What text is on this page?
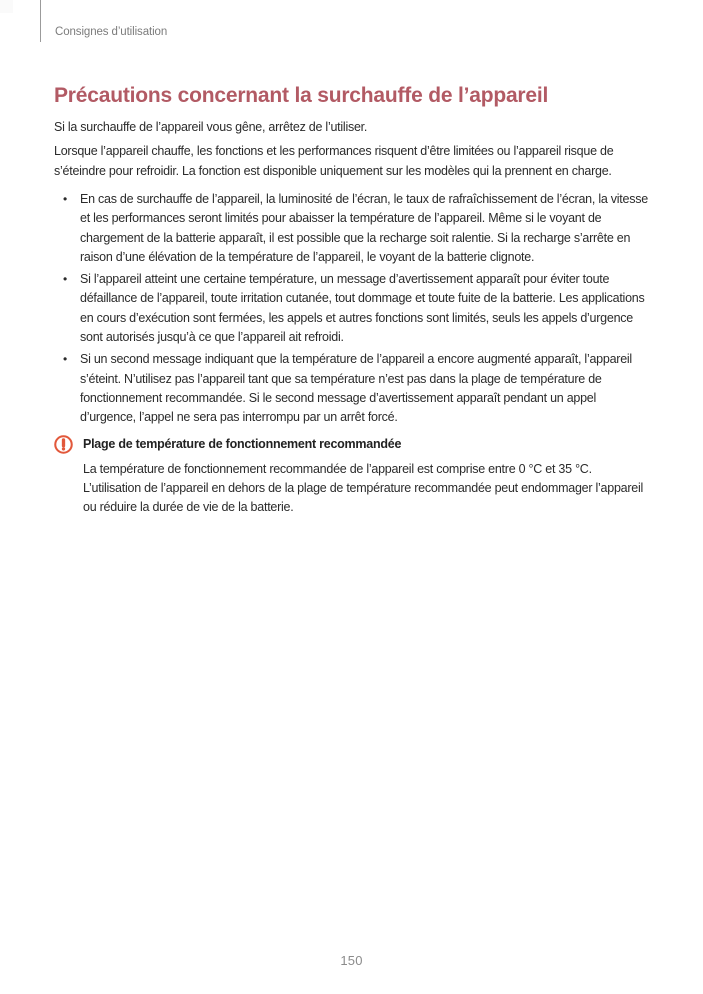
Consignes d’utilisation
Précautions concernant la surchauffe de l’appareil

Si la surchauffe de l’appareil vous gêne, arrêtez de l’utiliser.

Lorsque l’appareil chauffe, les fonctions et les performances risquent d’être limitées ou l’appareil risque de s’éteindre pour refroidir. La fonction est disponible uniquement sur les modèles qui la prennent en charge.

• En cas de surchauffe de l’appareil, la luminosité de l’écran, le taux de rafraîchissement de l’écran, la vitesse et les performances seront limités pour abaisser la température de l’appareil. Même si le voyant de chargement de la batterie apparaît, il est possible que la recharge soit ralentie. Si la recharge s’arrête en raison d’une élévation de la température de l’appareil, le voyant de la batterie clignote.
• Si l’appareil atteint une certaine température, un message d’avertissement apparaît pour éviter toute défaillance de l’appareil, toute irritation cutanée, tout dommage et toute fuite de la batterie. Les applications en cours d’exécution sont fermées, les appels et autres fonctions sont limités, seuls les appels d’urgence sont autorisés jusqu’à ce que l’appareil ait refroidi.
• Si un second message indiquant que la température de l’appareil a encore augmenté apparaît, l’appareil s’éteint. N’utilisez pas l’appareil tant que sa température n’est pas dans la plage de température de fonctionnement recommandée. Si le second message d’avertissement apparaît pendant un appel d’urgence, l’appel ne sera pas interrompu par un arrêt forcé.
Plage de température de fonctionnement recommandée

La température de fonctionnement recommandée de l’appareil est comprise entre 0 °C et 35 °C. L’utilisation de l’appareil en dehors de la plage de température recommandée peut endommager l’appareil ou réduire la durée de vie de la batterie.

150
